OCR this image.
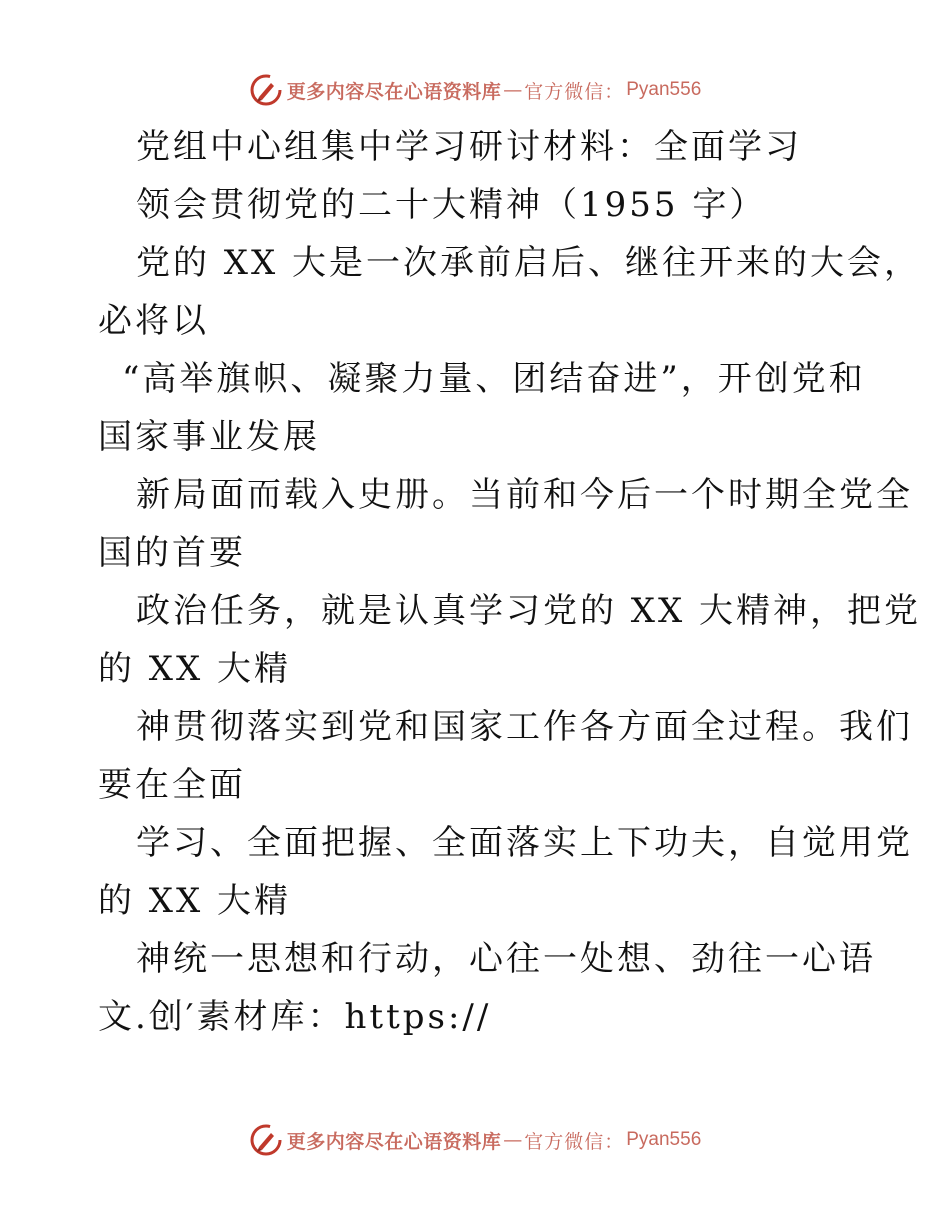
更多内容尽在心语资料库 — 官方微信： Pyan556
党组中心组集中学习研讨材料：全面学习
领会贯彻党的二十大精神（1955 字）
党的 XX 大是一次承前启后、继往开来的大会，
必将以
“高举旗帜、凝聚力量、团结奋进”，开创党和
国家事业发展
新局面而载入史册。当前和今后一个时期全党全
国的首要
政治任务，就是认真学习党的 XX 大精神，把党
的 XX 大精
神贯彻落实到党和国家工作各方面全过程。我们
要在全面
学习、全面把握、全面落实上下功夫，自觉用党
的 XX 大精
神统一思想和行动，心往一处想、劲往一心语
文.创′素材库：https://
更多内容尽在心语资料库 — 官方微信： Pyan556
